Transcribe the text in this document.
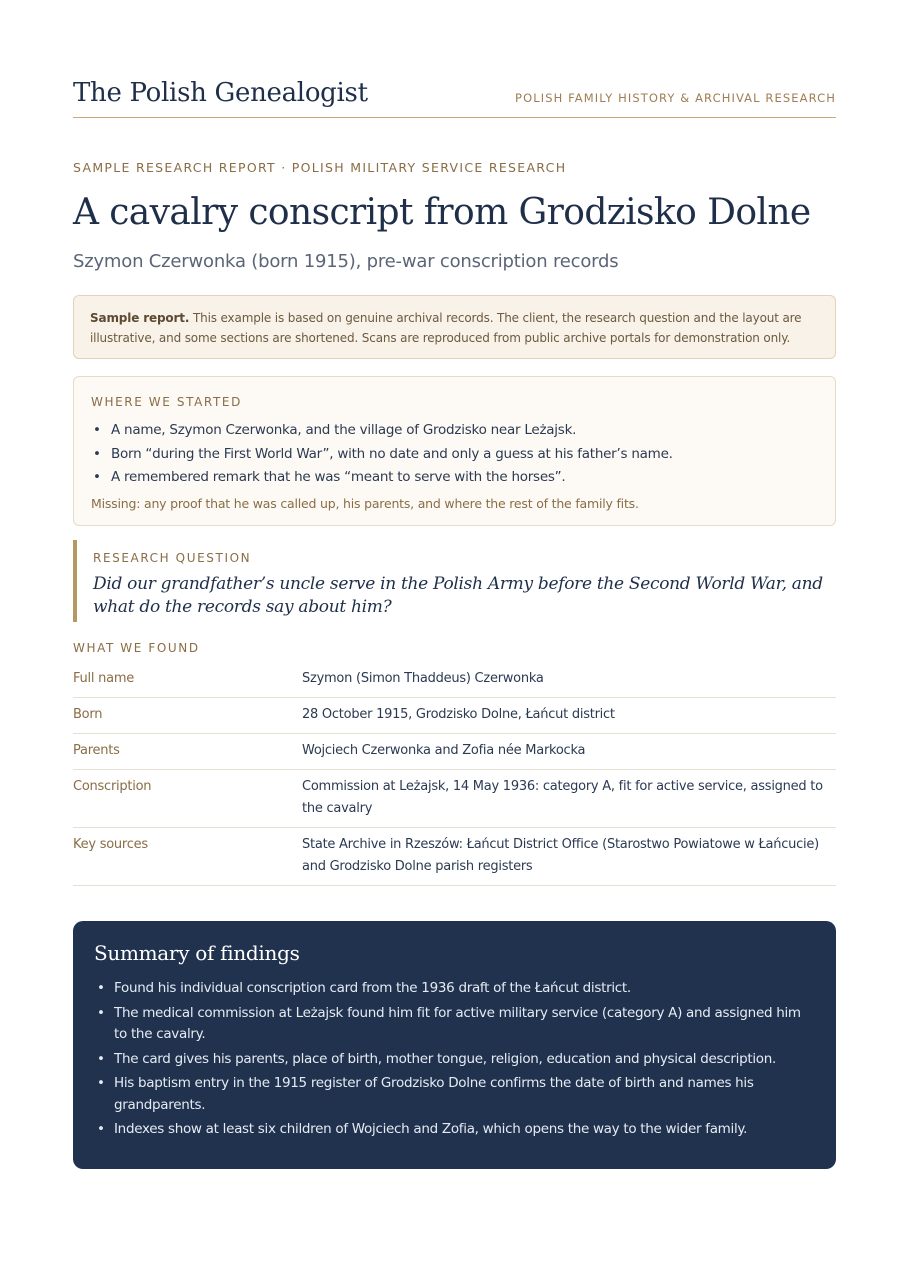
The Polish Genealogist	POLISH FAMILY HISTORY & ARCHIVAL RESEARCH
SAMPLE RESEARCH REPORT · POLISH MILITARY SERVICE RESEARCH
A cavalry conscript from Grodzisko Dolne
Szymon Czerwonka (born 1915), pre-war conscription records
Sample report. This example is based on genuine archival records. The client, the research question and the layout are illustrative, and some sections are shortened. Scans are reproduced from public archive portals for demonstration only.
WHERE WE STARTED
• A name, Szymon Czerwonka, and the village of Grodzisko near Leżajsk.
• Born “during the First World War”, with no date and only a guess at his father’s name.
• A remembered remark that he was “meant to serve with the horses”.
Missing: any proof that he was called up, his parents, and where the rest of the family fits.
RESEARCH QUESTION
Did our grandfather’s uncle serve in the Polish Army before the Second World War, and what do the records say about him?
WHAT WE FOUND
Full name	Szymon (Simon Thaddeus) Czerwonka
Born	28 October 1915, Grodzisko Dolne, Łańcut district
Parents	Wojciech Czerwonka and Zofia née Markocka
Conscription	Commission at Leżajsk, 14 May 1936: category A, fit for active service, assigned to the cavalry
Key sources	State Archive in Rzeszów: Łańcut District Office (Starostwo Powiatowe w Łańcucie) and Grodzisko Dolne parish registers
Summary of findings
• Found his individual conscription card from the 1936 draft of the Łańcut district.
• The medical commission at Leżajsk found him fit for active military service (category A) and assigned him to the cavalry.
• The card gives his parents, place of birth, mother tongue, religion, education and physical description.
• His baptism entry in the 1915 register of Grodzisko Dolne confirms the date of birth and names his grandparents.
• Indexes show at least six children of Wojciech and Zofia, which opens the way to the wider family.
